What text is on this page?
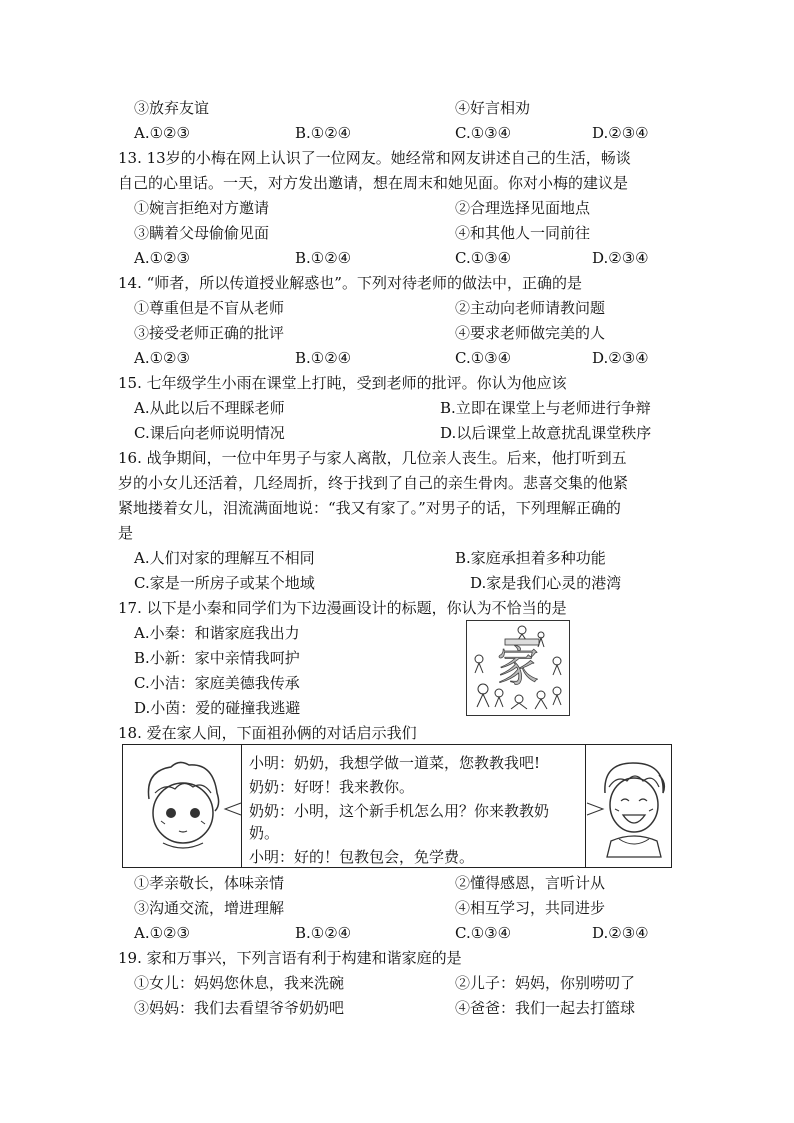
③放弃友谊	④好言相劝
A.①②③	B.①②④	C.①③④	D.②③④
13. 13岁的小梅在网上认识了一位网友。她经常和网友讲述自己的生活，畅谈
自己的心里话。一天，对方发出邀请，想在周末和她见面。你对小梅的建议是
①婉言拒绝对方邀请	②合理选择见面地点
③瞒着父母偷偷见面	④和其他人一同前往
A.①②③	B.①②④	C.①③④	D.②③④
14. “师者，所以传道授业解惑也”。下列对待老师的做法中，正确的是
①尊重但是不盲从老师	②主动向老师请教问题
③接受老师正确的批评	④要求老师做完美的人
A.①②③	B.①②④	C.①③④	D.②③④
15. 七年级学生小雨在课堂上打盹，受到老师的批评。你认为他应该
A.从此以后不理睬老师	B.立即在课堂上与老师进行争辩
C.课后向老师说明情况	D.以后课堂上故意扰乱课堂秩序
16. 战争期间，一位中年男子与家人离散，几位亲人丧生。后来，他打听到五
岁的小女儿还活着，几经周折，终于找到了自己的亲生骨肉。悲喜交集的他紧
紧地搂着女儿，泪流满面地说：“我又有家了。”对男子的话，下列理解正确的
是
A.人们对家的理解互不相同	B.家庭承担着多种功能
C.家是一所房子或某个地域	D.家是我们心灵的港湾
17. 以下是小秦和同学们为下边漫画设计的标题，你认为不恰当的是
A.小秦：和谐家庭我出力
B.小新：家中亲情我呵护
C.小洁：家庭美德我传承
D.小茵：爱的碰撞我逃避
家
18. 爱在家人间，下面祖孙俩的对话启示我们
小明：奶奶，我想学做一道菜，您教教我吧!
奶奶：好呀！我来教你。
奶奶：小明，这个新手机怎么用？你来教教奶
奶。
小明：好的！包教包会，免学费。
①孝亲敬长，体味亲情	②懂得感恩，言听计从
③沟通交流，增进理解	④相互学习，共同进步
A.①②③	B.①②④	C.①③④	D.②③④
19. 家和万事兴，下列言语有利于构建和谐家庭的是
①女儿：妈妈您休息，我来洗碗	②儿子：妈妈，你别唠叨了
③妈妈：我们去看望爷爷奶奶吧	④爸爸：我们一起去打篮球
